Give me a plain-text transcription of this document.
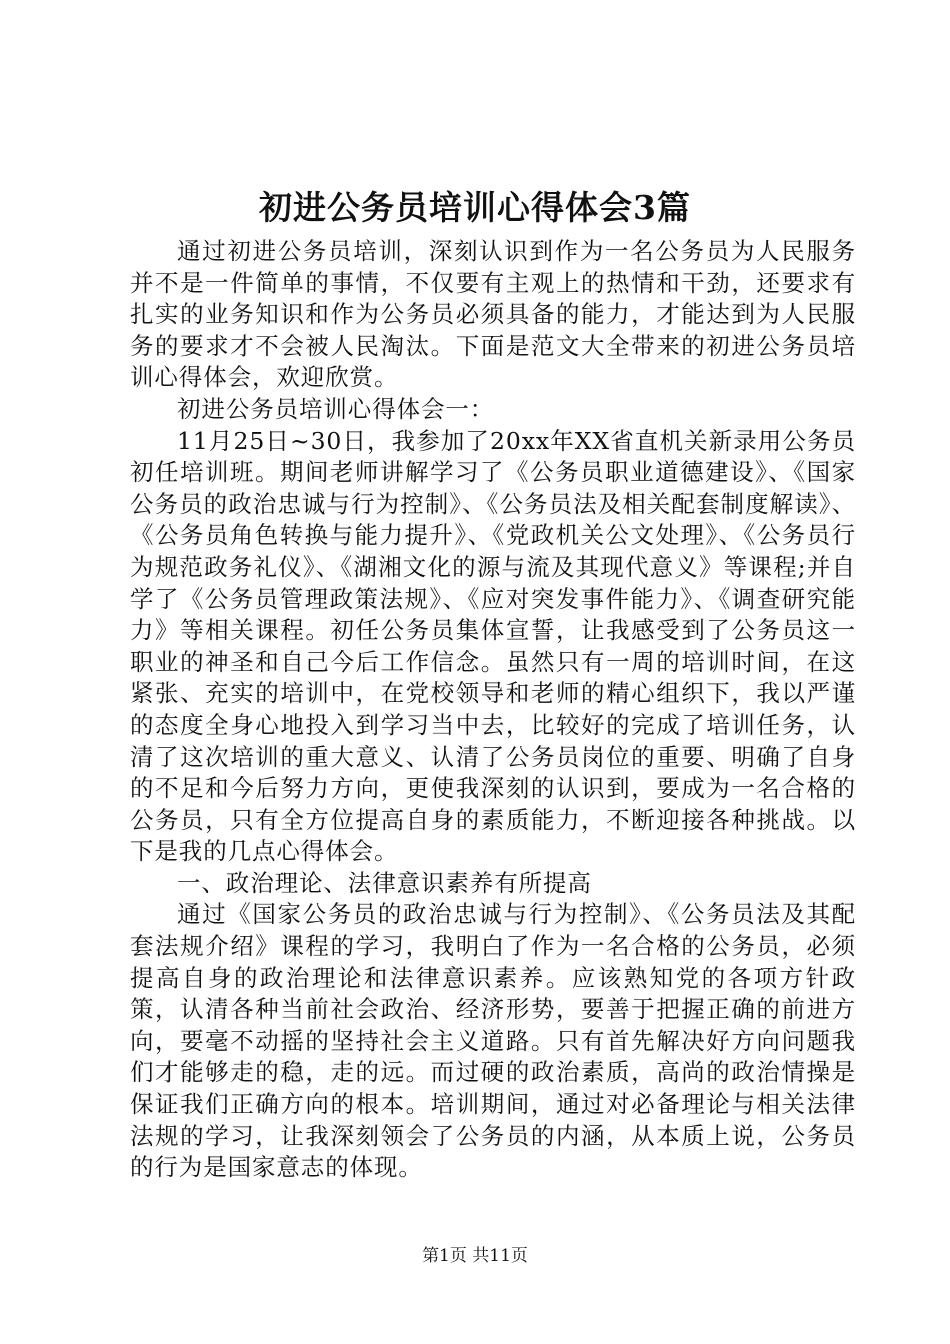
初进公务员培训心得体会3篇

通过初进公务员培训，深刻认识到作为一名公务员为人民服务并不是一件简单的事情，不仅要有主观上的热情和干劲，还要求有扎实的业务知识和作为公务员必须具备的能力，才能达到为人民服务的要求才不会被人民淘汰。下面是范文大全带来的初进公务员培训心得体会，欢迎欣赏。

初进公务员培训心得体会一：

11月25日~30日，我参加了20xx年XX省直机关新录用公务员初任培训班。期间老师讲解学习了《公务员职业道德建设》、《国家公务员的政治忠诚与行为控制》、《公务员法及相关配套制度解读》、《公务员角色转换与能力提升》、《党政机关公文处理》、《公务员行为规范政务礼仪》、《湖湘文化的源与流及其现代意义》等课程;并自学了《公务员管理政策法规》、《应对突发事件能力》、《调查研究能力》等相关课程。初任公务员集体宣誓，让我感受到了公务员这一职业的神圣和自己今后工作信念。虽然只有一周的培训时间，在这紧张、充实的培训中，在党校领导和老师的精心组织下，我以严谨的态度全身心地投入到学习当中去，比较好的完成了培训任务，认清了这次培训的重大意义、认清了公务员岗位的重要、明确了自身的不足和今后努力方向，更使我深刻的认识到，要成为一名合格的公务员，只有全方位提高自身的素质能力，不断迎接各种挑战。以下是我的几点心得体会。

一、政治理论、法律意识素养有所提高

通过《国家公务员的政治忠诚与行为控制》、《公务员法及其配套法规介绍》课程的学习，我明白了作为一名合格的公务员，必须提高自身的政治理论和法律意识素养。应该熟知党的各项方针政策，认清各种当前社会政治、经济形势，要善于把握正确的前进方向，要毫不动摇的坚持社会主义道路。只有首先解决好方向问题我们才能够走的稳，走的远。而过硬的政治素质，高尚的政治情操是保证我们正确方向的根本。培训期间，通过对必备理论与相关法律法规的学习，让我深刻领会了公务员的内涵，从本质上说，公务员的行为是国家意志的体现。

第1页 共11页
